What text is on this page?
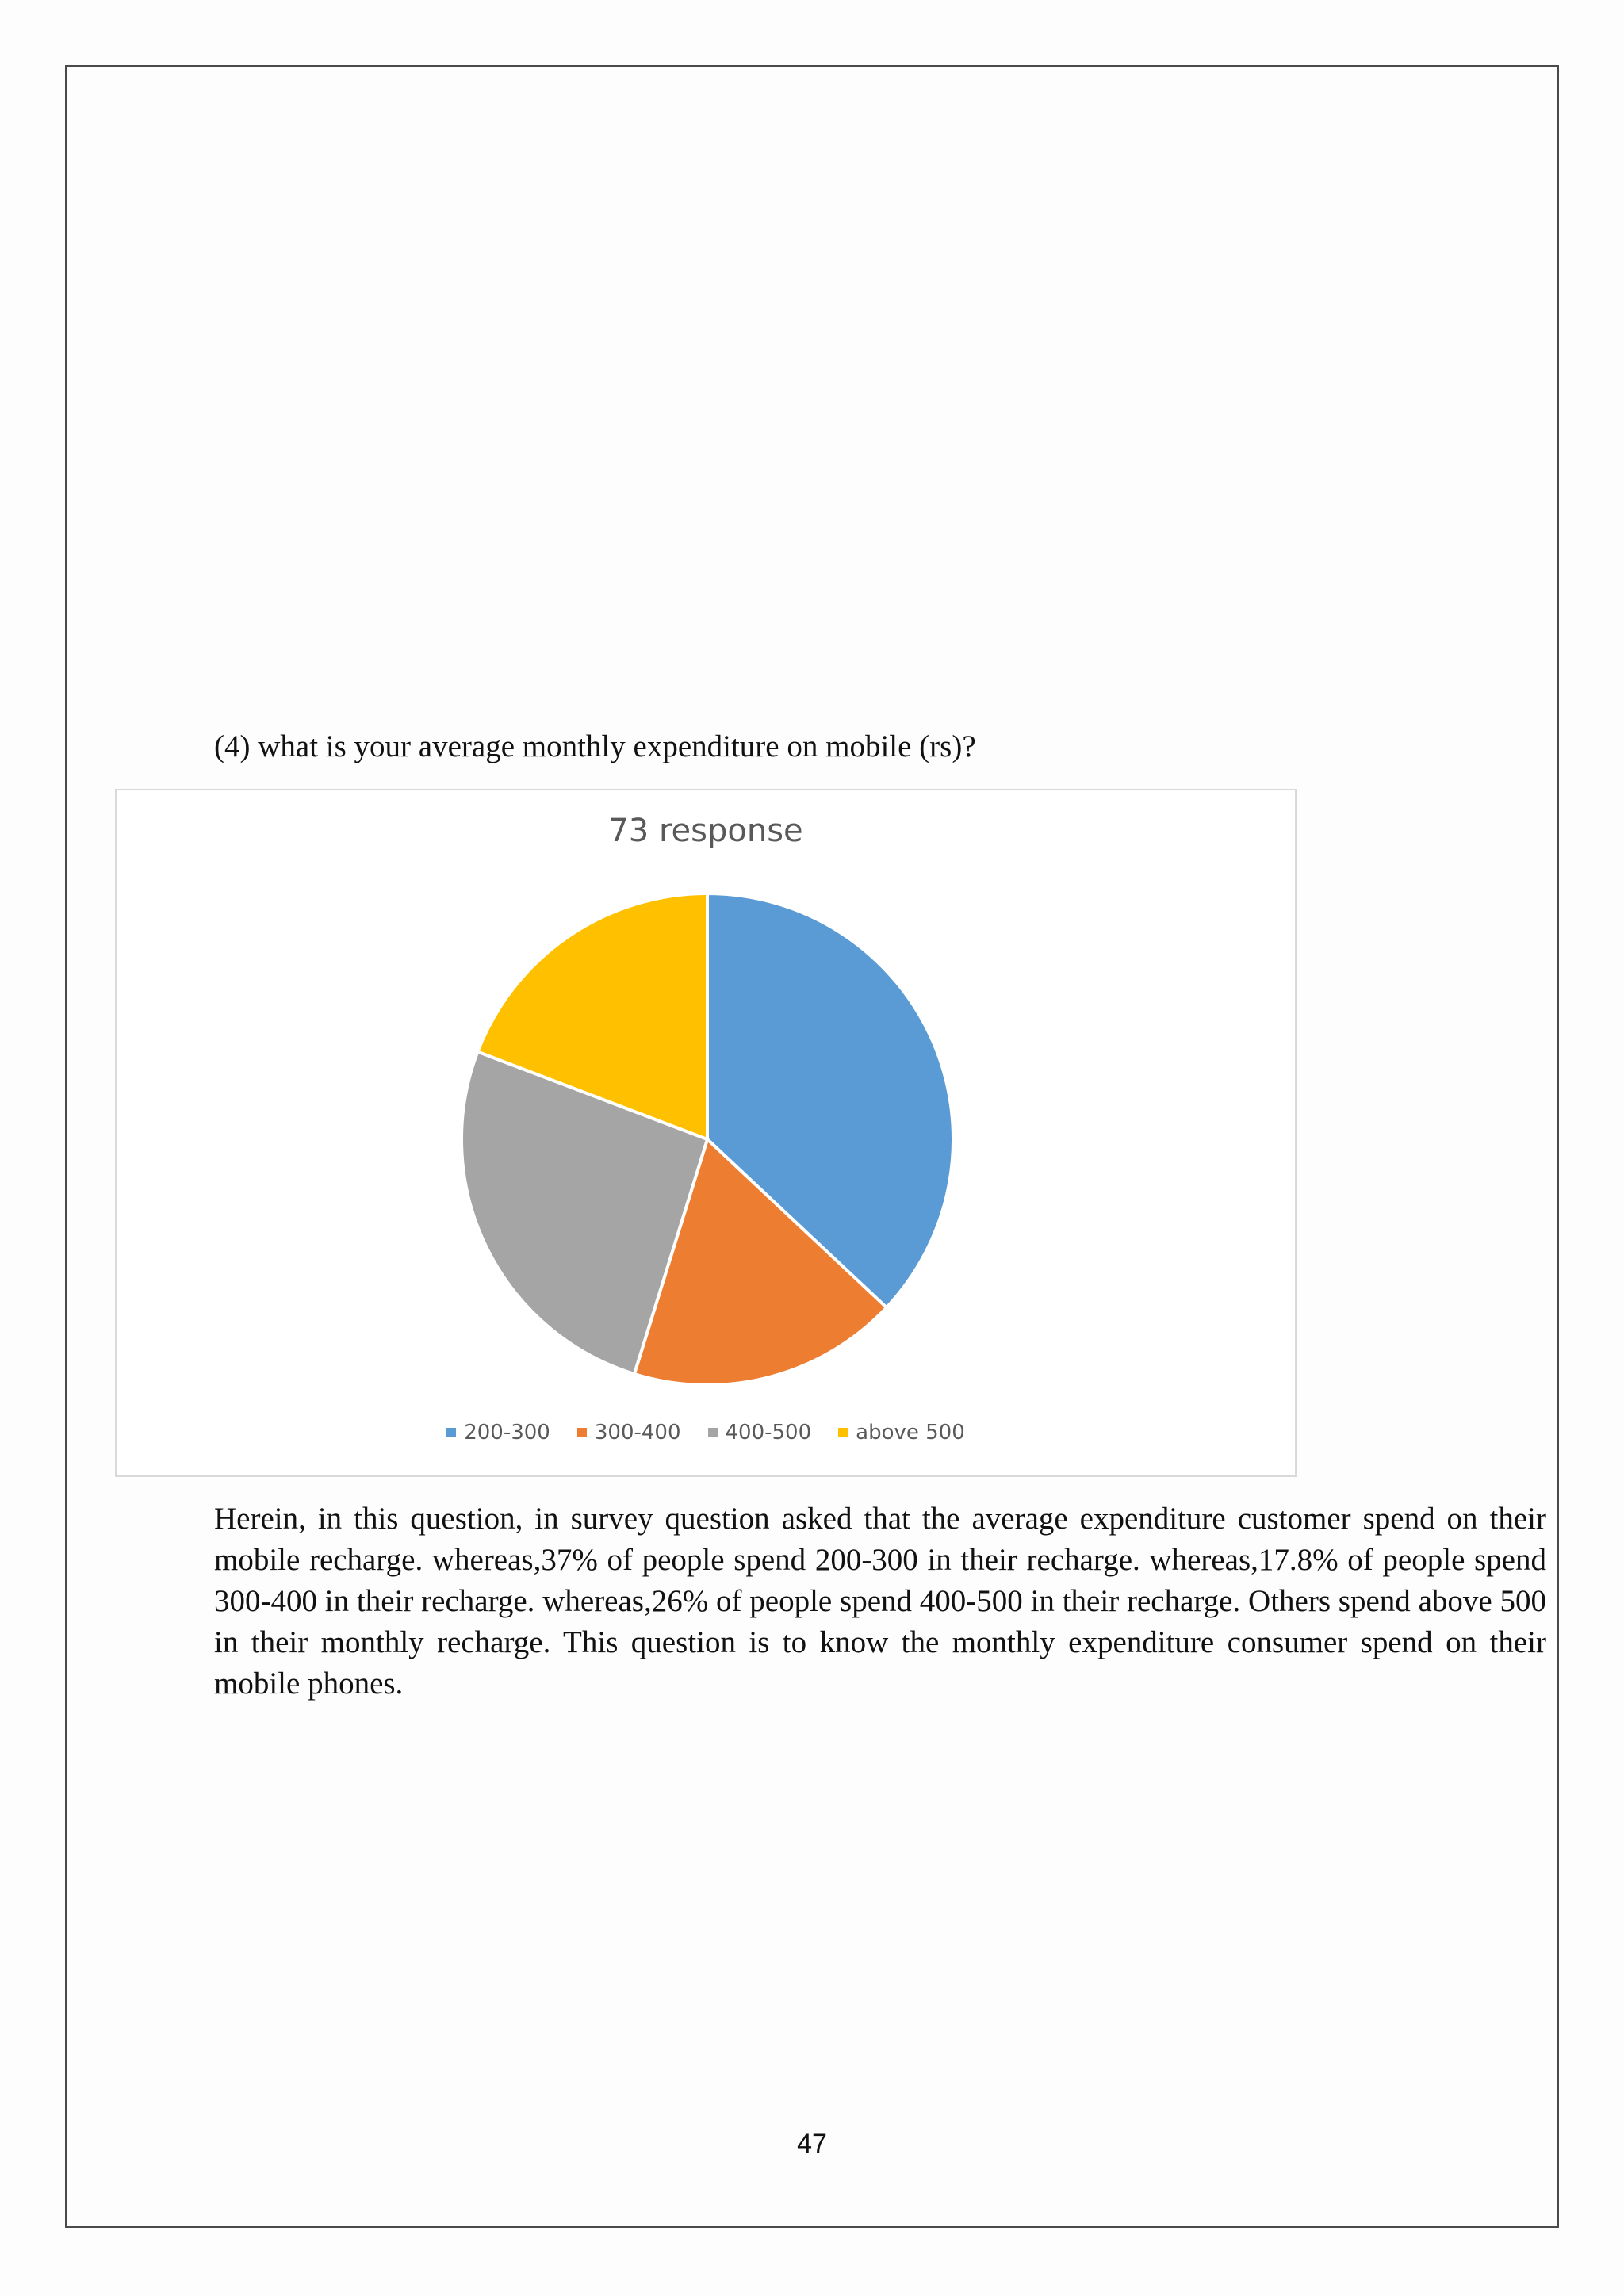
(4) what is your average monthly expenditure on mobile (rs)?
73 response
200-300 300-400 400-500 above 500
Herein, in this question, in survey question asked that the average expenditure customer spend on their mobile recharge. whereas,37% of people spend 200-300 in their recharge. whereas,17.8% of people spend 300-400 in their recharge. whereas,26% of people spend 400-500 in their recharge. Others spend above 500 in their monthly recharge. This question is to know the monthly expenditure consumer spend on their mobile phones.
47
